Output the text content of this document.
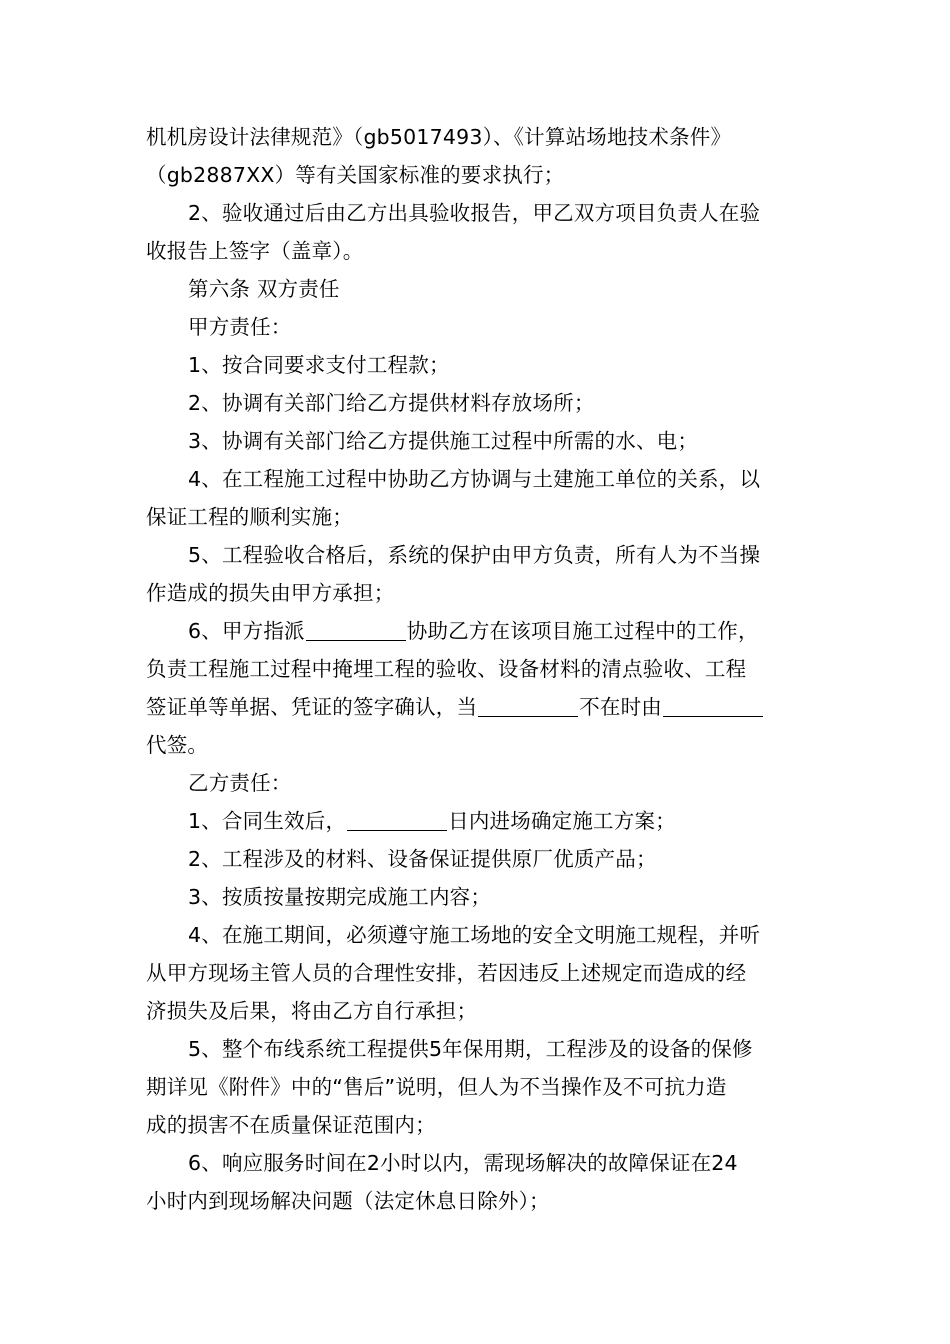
机机房设计法律规范》（gb5017493）、《计算站场地技术条件》
（gb2887XX）等有关国家标准的要求执行；
2、验收通过后由乙方出具验收报告，甲乙双方项目负责人在验
收报告上签字（盖章）。
第六条 双方责任
甲方责任：
1、按合同要求支付工程款；
2、协调有关部门给乙方提供材料存放场所；
3、协调有关部门给乙方提供施工过程中所需的水、电；
4、在工程施工过程中协助乙方协调与土建施工单位的关系，以
保证工程的顺利实施；
5、工程验收合格后，系统的保护由甲方负责，所有人为不当操
作造成的损失由甲方承担；
6、甲方指派	协助乙方在该项目施工过程中的工作，
负责工程施工过程中掩埋工程的验收、设备材料的清点验收、工程
签证单等单据、凭证的签字确认，当	不在时由
代签。
乙方责任：
1、合同生效后，	日内进场确定施工方案；
2、工程涉及的材料、设备保证提供原厂优质产品；
3、按质按量按期完成施工内容；
4、在施工期间，必须遵守施工场地的安全文明施工规程，并听
从甲方现场主管人员的合理性安排，若因违反上述规定而造成的经
济损失及后果，将由乙方自行承担；
5、整个布线系统工程提供5年保用期，工程涉及的设备的保修
期详见《附件》中的“售后”说明，但人为不当操作及不可抗力造
成的损害不在质量保证范围内；
6、响应服务时间在2小时以内，需现场解决的故障保证在24
小时内到现场解决问题（法定休息日除外）；
